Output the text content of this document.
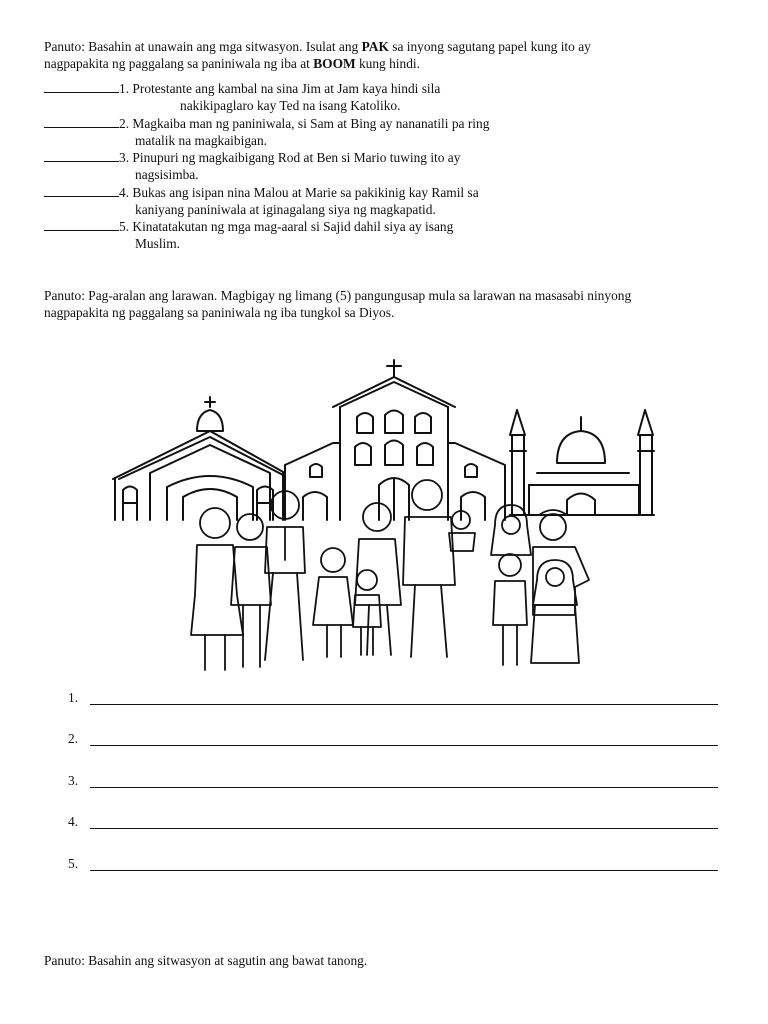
Panuto: Basahin at unawain ang mga sitwasyon. Isulat ang PAK sa inyong sagutang papel kung ito ay
nagpapakita ng paggalang sa paniniwala ng iba at BOOM kung hindi.
1. Protestante ang kambal na sina Jim at Jam kaya hindi sila
nakikipaglaro kay Ted na isang Katoliko.
2. Magkaiba man ng paniniwala, si Sam at Bing ay nananatili pa ring
matalik na magkaibigan.
3. Pinupuri ng magkaibigang Rod at Ben si Mario tuwing ito ay
nagsisimba.
4. Bukas ang isipan nina Malou at Marie sa pakikinig kay Ramil sa
kaniyang paniniwala at iginagalang siya ng magkapatid.
5. Kinatatakutan ng mga mag-aaral si Sajid dahil siya ay isang
Muslim.
Panuto: Pag-aralan ang larawan. Magbigay ng limang (5) pangungusap mula sa larawan na masasabi ninyong
nagpapakita ng paggalang sa paniniwala ng iba tungkol sa Diyos.
1.
2.
3.
4.
5.
Panuto: Basahin ang sitwasyon at sagutin ang bawat tanong.
